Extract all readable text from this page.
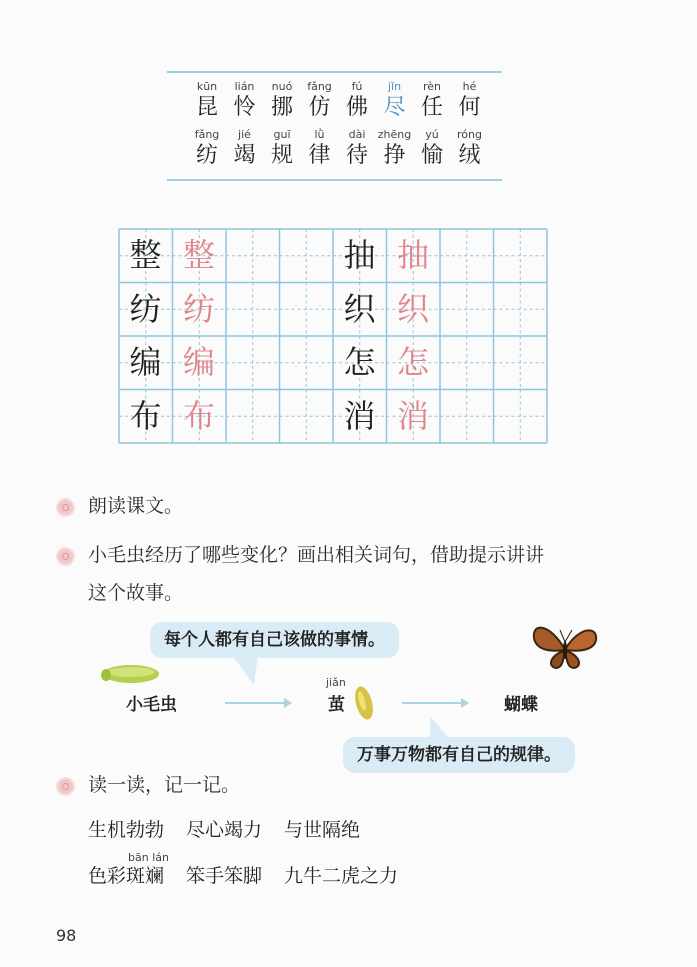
kūn
昆
lián
怜
nuó
挪
fǎng
仿
fú
佛
jǐn
尽
rèn
任
hé
何
fǎng
纺
jié
竭
guī
规
lǜ
律
dài
待
zhēng
挣
yú
愉
róng
绒
整
纺
编
布
整
纺
编
布
抽
织
怎
消
抽
织
怎
消
朗读课文。
小毛虫经历了哪些变化？画出相关词句，借助提示讲讲
这个故事。
每个人都有自己该做的事情。
小毛虫
jiǎn
茧	蝴蝶
万事万物都有自己的规律。
读一读，记一记。
生机勃勃 尽心竭力 与世隔绝
bān lán
色彩斑斓 笨手笨脚 九牛二虎之力
98
